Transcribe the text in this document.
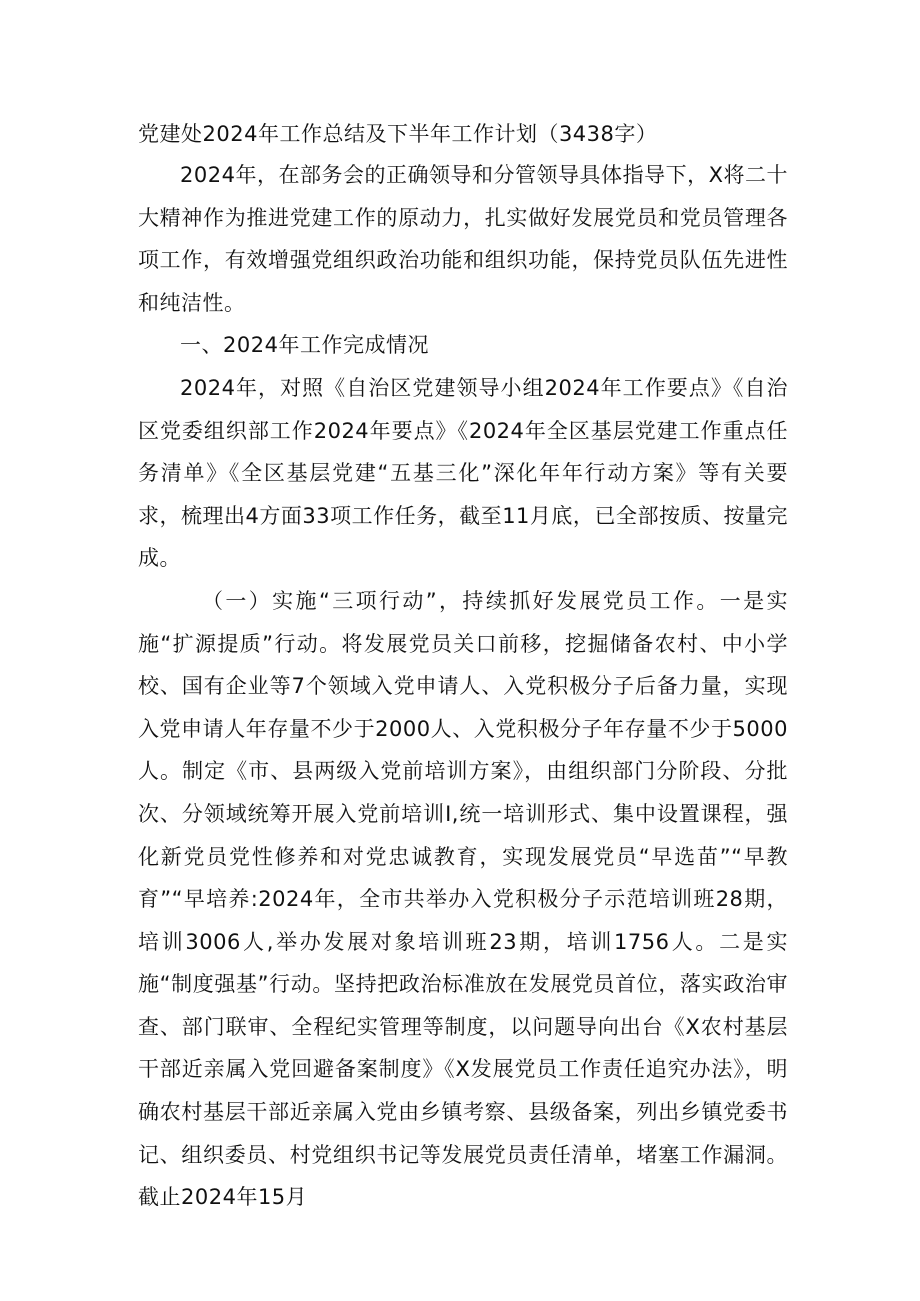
党建处2024年工作总结及下半年工作计划（3438字）

2024年，在部务会的正确领导和分管领导具体指导下，X将二十大精神作为推进党建工作的原动力，扎实做好发展党员和党员管理各项工作，有效增强党组织政治功能和组织功能，保持党员队伍先进性和纯洁性。

一、2024年工作完成情况

2024年，对照《自治区党建领导小组2024年工作要点》《自治区党委组织部工作2024年要点》《2024年全区基层党建工作重点任务清单》《全区基层党建“五基三化”深化年年行动方案》等有关要求，梳理出4方面33项工作任务，截至11月底，已全部按质、按量完成。

（一）实施“三项行动”，持续抓好发展党员工作。一是实施“扩源提质”行动。将发展党员关口前移，挖掘储备农村、中小学校、国有企业等7个领域入党申请人、入党积极分子后备力量，实现入党申请人年存量不少于2000人、入党积极分子年存量不少于5000人。制定《市、县两级入党前培训方案》，由组织部门分阶段、分批次、分领域统筹开展入党前培训I,统一培训形式、集中设置课程，强化新党员党性修养和对党忠诚教育，实现发展党员“早选苗”“早教育”“早培养:2024年，全市共举办入党积极分子示范培训班28期，培训3006人,举办发展对象培训班23期，培训1756人。二是实施“制度强基”行动。坚持把政治标准放在发展党员首位，落实政治审查、部门联审、全程纪实管理等制度，以问题导向出台《X农村基层干部近亲属入党回避备案制度》《X发展党员工作责任追究办法》，明确农村基层干部近亲属入党由乡镇考察、县级备案，列出乡镇党委书记、组织委员、村党组织书记等发展党员责任清单，堵塞工作漏洞。截止2024年15月
